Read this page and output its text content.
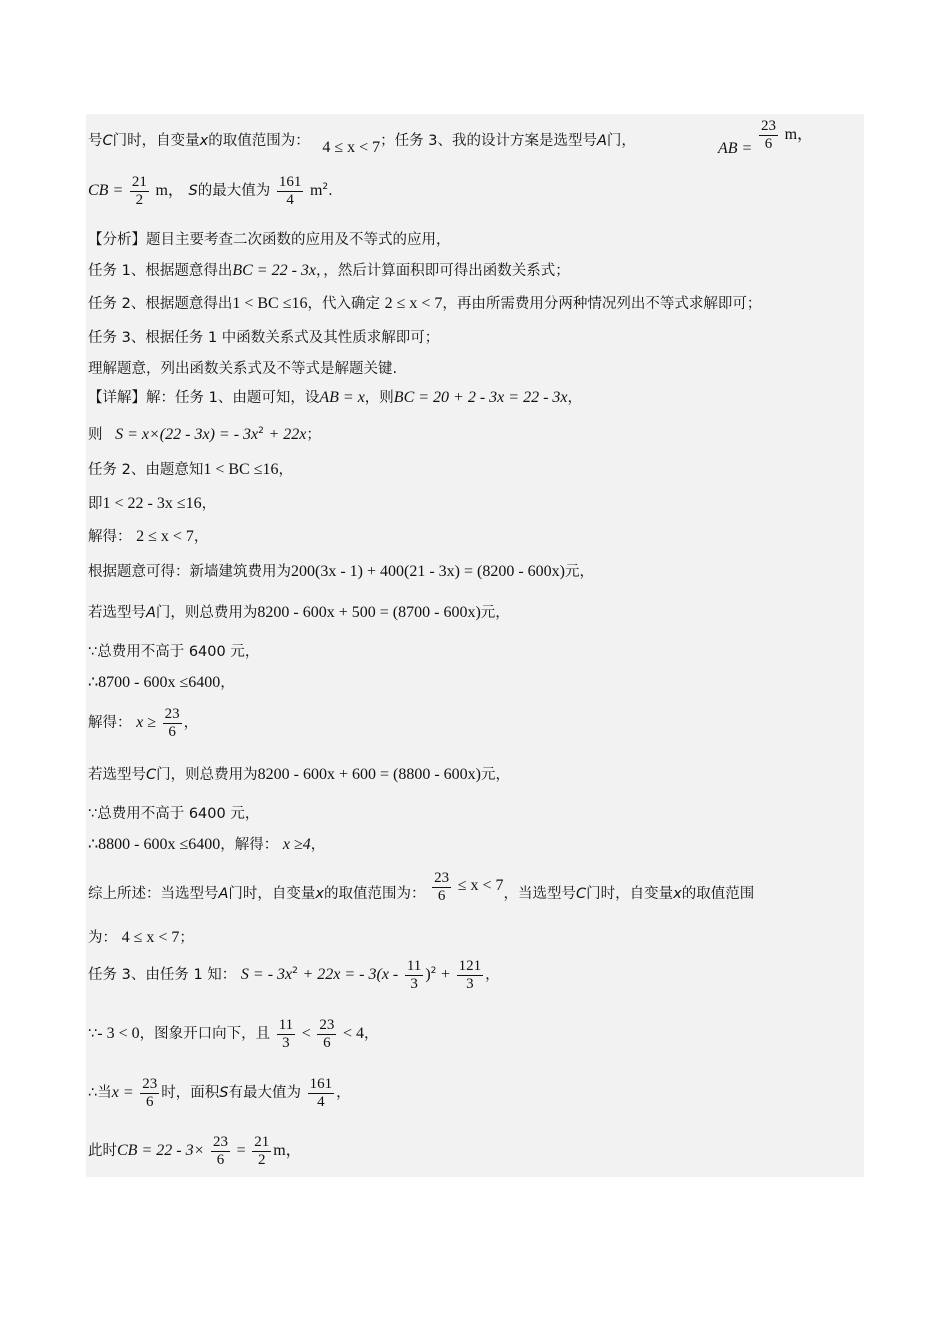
号C门时，自变量x的取值范围为： 4 ≤ x < 7；任务 3、我的设计方案是选型号A门，	AB = $\frac{23}{6}$ m，
CB = $\frac{21}{2}$ m， S的最大值为 $\frac{161}{4} m^2$.
【分析】题目主要考查二次函数的应用及不等式的应用，
任务 1、根据题意得出BC = 22 - 3x，，然后计算面积即可得出函数关系式；
任务 2、根据题意得出1 < BC ≤16，代入确定 2 ≤ x < 7，再由所需费用分两种情况列出不等式求解即可；
任务 3、根据任务 1 中函数关系式及其性质求解即可；
理解题意，列出函数关系式及不等式是解题关键.
【详解】解：任务 1、由题可知，设AB = x，则BC = 20 + 2 - 3x = 22 - 3x，
则 S = x×(22 - 3x) = - $3x^2 + 22x$；
任务 2、由题意知1 < BC ≤16，
即1 < 22 - 3x ≤16，
解得： 2 ≤ x < 7，
根据题意可得：新墙建筑费用为200(3x - 1) + 400(21 - 3x) = (8200 - 600x)元，
若选型号A门，则总费用为8200 - 600x + 500 = (8700 - 600x)元，
∵总费用不高于 6400 元，
∴8700 - 600x ≤6400，
解得： $x \ge \frac{23}{6}$ ，
若选型号C门，则总费用为8200 - 600x + 600 = (8800 - 600x)元，
∵总费用不高于 6400 元，
∴8800 - 600x ≤6400，解得： x ≥4，
综上所述：当选型号A门时，自变量x的取值范围为： $\frac{23}{6} \le x < 7$，当选型号C门时，自变量x的取值范围
为： 4 ≤ x < 7；
任务 3、由任务 1 知： S = - $3x^2 + 22x$ = - $3(x - \frac{11}{3} )^2 + \frac{121}{3}$ ，
∵- 3 < 0，图象开口向下，且 $\frac{11}{3} < \frac{23}{6} < 4$，
∴当$x = \frac{23}{6}$ 时，面积S有最大值为 $\frac{161}{4}$ ，
此时CB = $22 - 3\times \frac{23}{6} = \frac{21}{2}$ m，
